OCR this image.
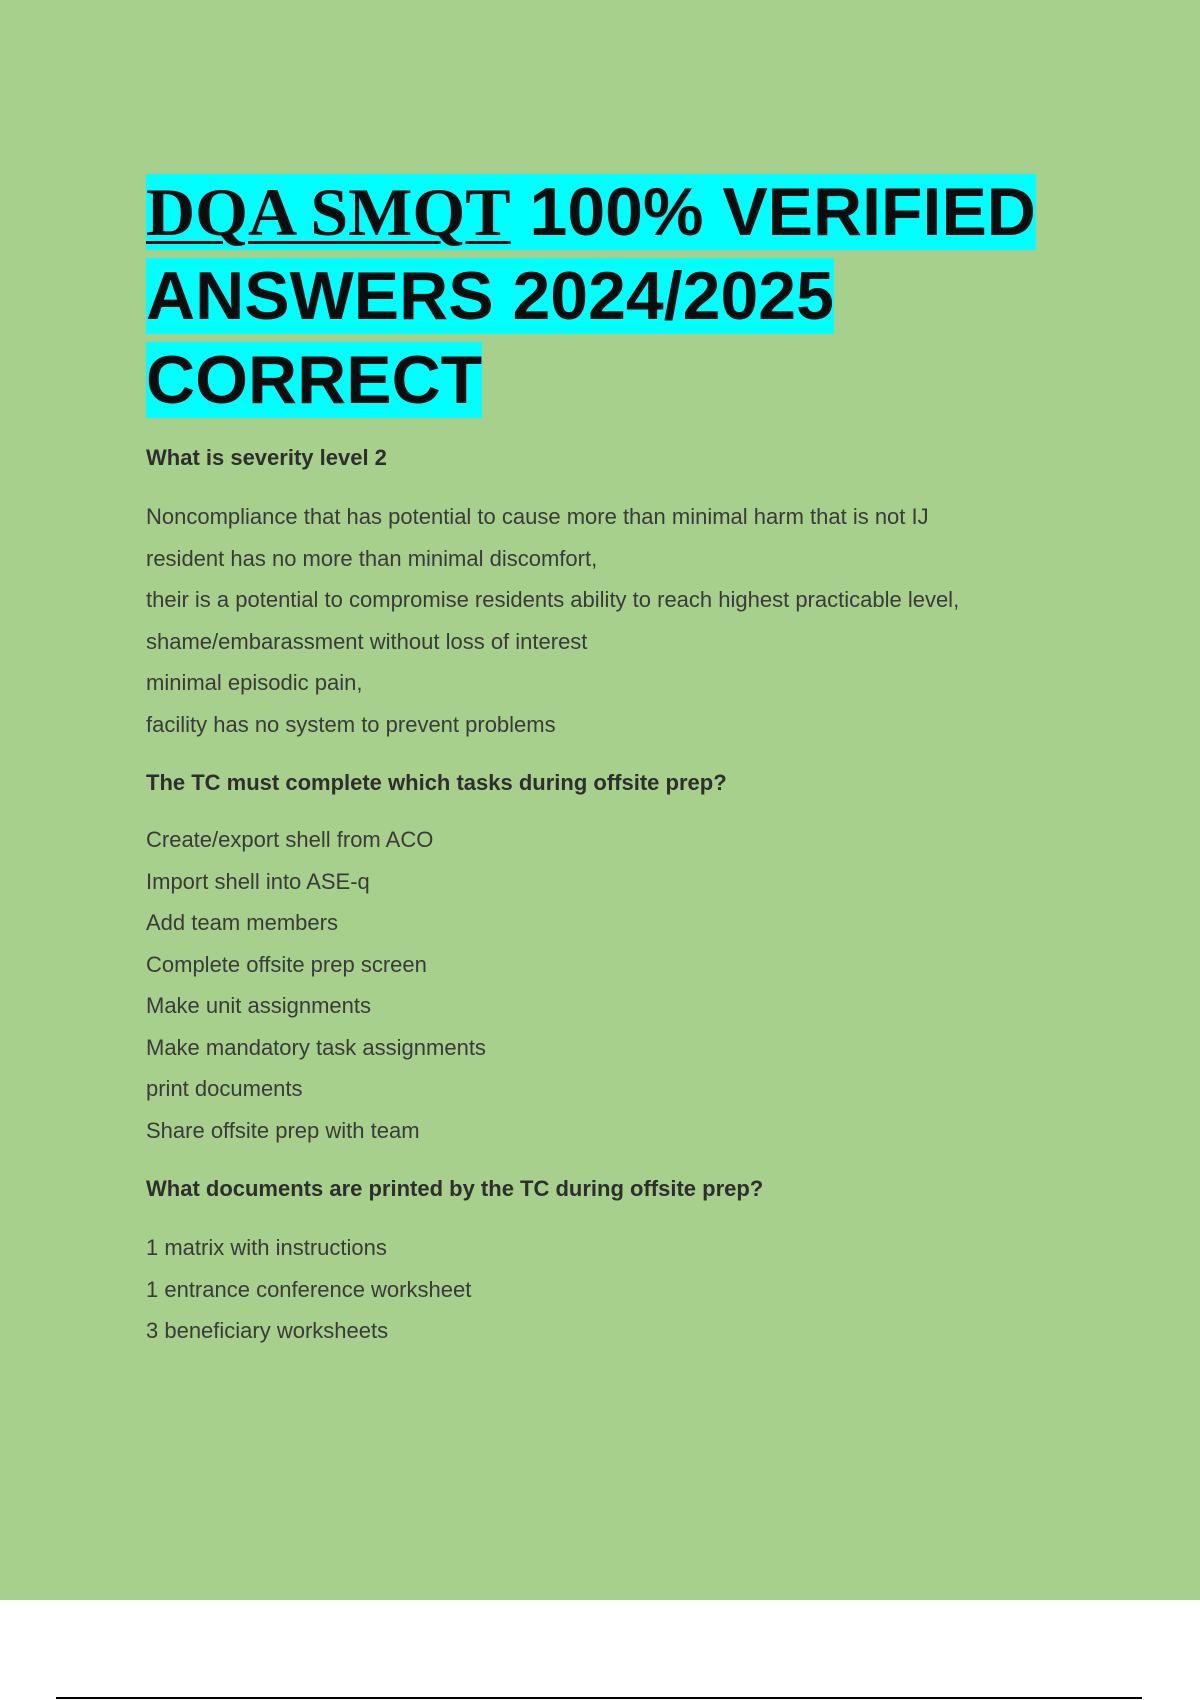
DQA SMQT 100% VERIFIED
ANSWERS 2024/2025
CORRECT

What is severity level 2

Noncompliance that has potential to cause more than minimal harm that is not IJ
resident has no more than minimal discomfort,
their is a potential to compromise residents ability to reach highest practicable level,
shame/embarassment without loss of interest
minimal episodic pain,
facility has no system to prevent problems

The TC must complete which tasks during offsite prep?

Create/export shell from ACO
Import shell into ASE-q
Add team members
Complete offsite prep screen
Make unit assignments
Make mandatory task assignments
print documents
Share offsite prep with team

What documents are printed by the TC during offsite prep?

1 matrix with instructions
1 entrance conference worksheet
3 beneficiary worksheets
